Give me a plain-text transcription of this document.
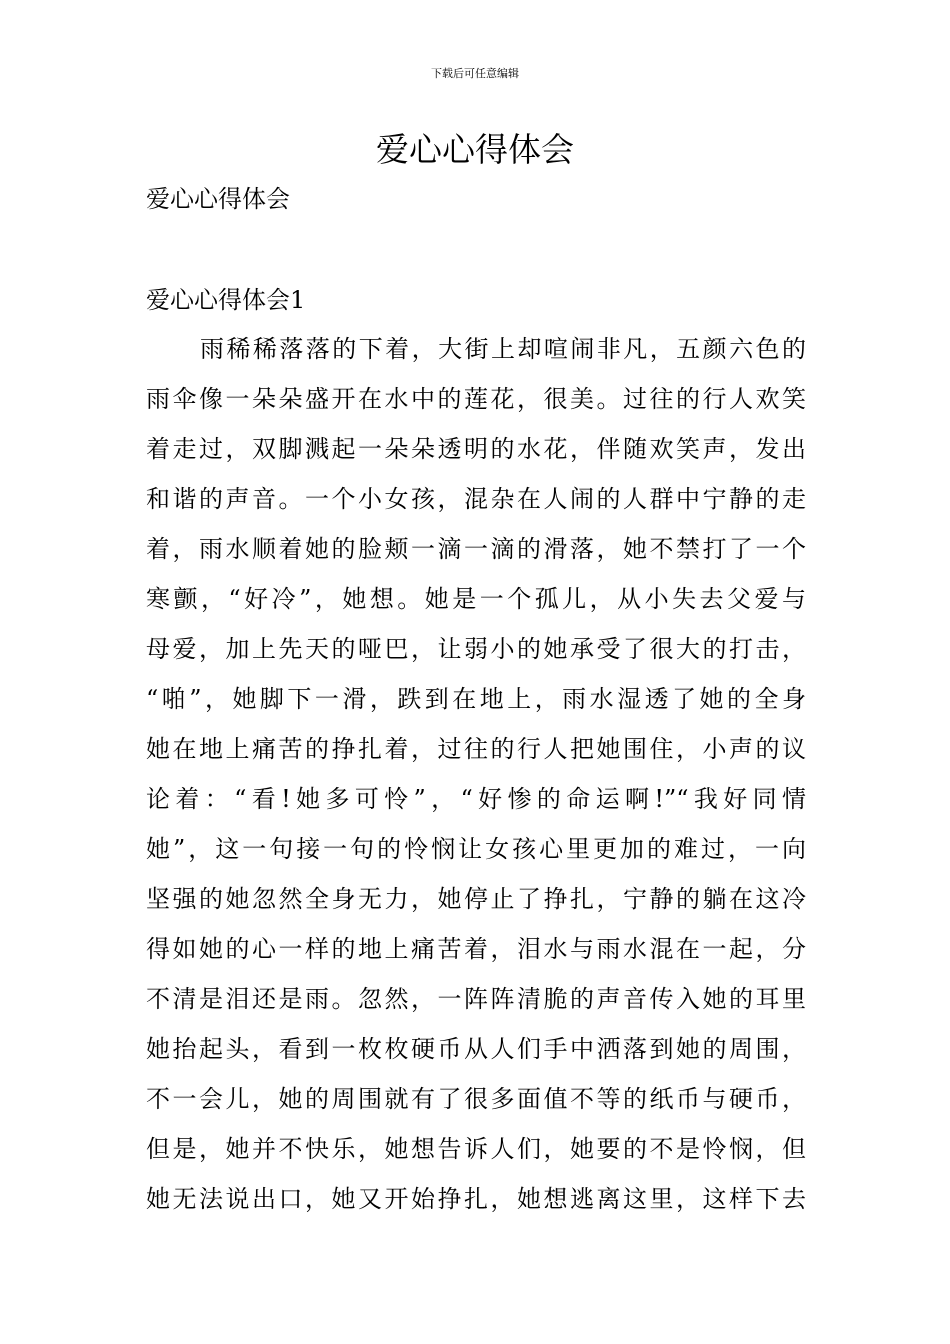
下载后可任意编辑
爱心心得体会

爱心心得体会

爱心心得体会1

雨稀稀落落的下着，大街上却喧闹非凡，五颜六色的
雨伞像一朵朵盛开在水中的莲花，很美。过往的行人欢笑
着走过，双脚溅起一朵朵透明的水花，伴随欢笑声，发出
和谐的声音。一个小女孩，混杂在人闹的人群中宁静的走
着，雨水顺着她的脸颊一滴一滴的滑落，她不禁打了一个
寒颤，“好冷”，她想。她是一个孤儿，从小失去父爱与
母爱，加上先天的哑巴，让弱小的她承受了很大的打击，
“啪”，她脚下一滑，跌到在地上，雨水湿透了她的全身
她在地上痛苦的挣扎着，过往的行人把她围住，小声的议
论着：“看!她多可怜”，“好惨的命运啊!”“我好同情
她”，这一句接一句的怜悯让女孩心里更加的难过，一向
坚强的她忽然全身无力，她停止了挣扎，宁静的躺在这冷
得如她的心一样的地上痛苦着，泪水与雨水混在一起，分
不清是泪还是雨。忽然，一阵阵清脆的声音传入她的耳里
她抬起头，看到一枚枚硬币从人们手中洒落到她的周围，
不一会儿，她的周围就有了很多面值不等的纸币与硬币，
但是，她并不快乐，她想告诉人们，她要的不是怜悯，但
她无法说出口，她又开始挣扎，她想逃离这里，这样下去
